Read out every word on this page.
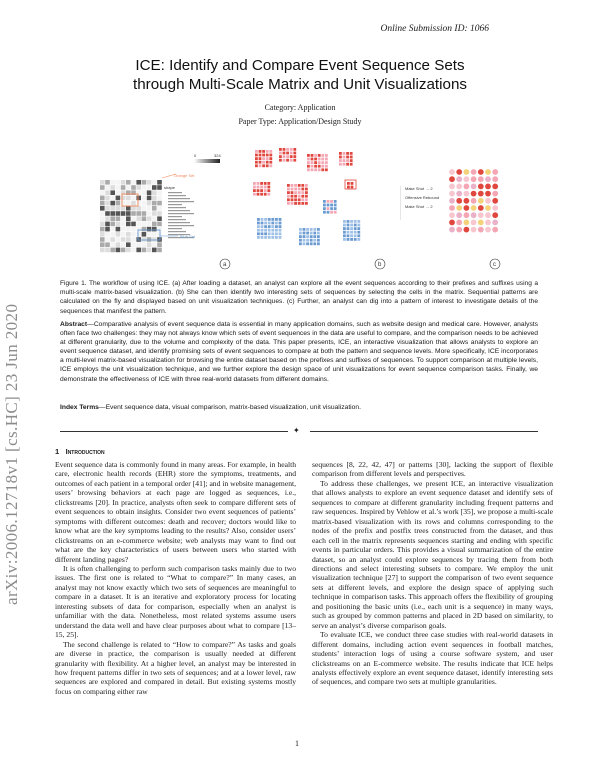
Online Submission ID: 1066
arXiv:2006.12718v1 [cs.HC] 23 Jun 2020
ICE: Identify and Compare Event Sequence Sets
through Multi-Scale Matrix and Unit Visualizations
Category: Application
Paper Type: Application/Design Study
0	324
Orange Set
Blue Set
shape
a	b
Make Shot → 2
Offensive Rebound
Make Shot → 2
c
Figure 1. The workflow of using ICE. (a) After loading a dataset, an analyst can explore all the event sequences according to their prefixes and suffixes using a multi-scale matrix-based visualization. (b) She can then identify two interesting sets of sequences by selecting the cells in the matrix. Sequential patterns are calculated on the fly and displayed based on unit visualization techniques. (c) Further, an analyst can dig into a pattern of interest to investigate details of the sequences that manifest the pattern.
Abstract—Comparative analysis of event sequence data is essential in many application domains, such as website design and medical care. However, analysts often face two challenges: they may not always know which sets of event sequences in the data are useful to compare, and the comparison needs to be achieved at different granularity, due to the volume and complexity of the data. This paper presents, ICE, an interactive visualization that allows analysts to explore an event sequence dataset, and identify promising sets of event sequences to compare at both the pattern and sequence levels. More specifically, ICE incorporates a multi-level matrix-based visualization for browsing the entire dataset based on the prefixes and suffixes of sequences. To support comparison at multiple levels, ICE employs the unit visualization technique, and we further explore the design space of unit visualizations for event sequence comparison tasks. Finally, we demonstrate the effectiveness of ICE with three real-world datasets from different domains.
Index Terms—Event sequence data, visual comparison, matrix-based visualization, unit visualization.
✦
1 Introduction

Event sequence data is commonly found in many areas. For example, in health care, electronic health records (EHR) store the symptoms, treatments, and outcomes of each patient in a temporal order [41]; and in website management, users’ browsing behaviors at each page are logged as sequences, i.e., clickstreams [20]. In practice, analysts often seek to compare different sets of event sequences to obtain insights. Consider two event sequences of patients’ symptoms with different outcomes: death and recover; doctors would like to know what are the key symptoms leading to the results? Also, consider users’ clickstreams on an e-commerce website; web analysts may want to find out what are the key characteristics of users between users who started with different landing pages?

It is often challenging to perform such comparison tasks mainly due to two issues. The first one is related to “What to compare?” In many cases, an analyst may not know exactly which two sets of sequences are meaningful to compare in a dataset. It is an iterative and exploratory process for locating interesting subsets of data for comparison, especially when an analyst is unfamiliar with the data. Nonetheless, most related systems assume users understand the data well and have clear purposes about what to compare [13–15, 25].

The second challenge is related to “How to compare?” As tasks and goals are diverse in practice, the comparison is usually needed at different granularity with flexibility. At a higher level, an analyst may be interested in how frequent patterns differ in two sets of sequences; and at a lower level, raw sequences are explored and compared in detail. But existing systems mostly focus on comparing either raw

sequences [8, 22, 42, 47] or patterns [30], lacking the support of flexible comparison from different levels and perspectives.

To address these challenges, we present ICE, an interactive visualization that allows analysts to explore an event sequence dataset and identify sets of sequences to compare at different granularity including frequent patterns and raw sequences. Inspired by Vehlow et al.’s work [35], we propose a multi-scale matrix-based visualization with its rows and columns corresponding to the nodes of the prefix and postfix trees constructed from the dataset, and thus each cell in the matrix represents sequences starting and ending with specific events in particular orders. This provides a visual summarization of the entire dataset, so an analyst could explore sequences by tracing them from both directions and select interesting subsets to compare. We employ the unit visualization technique [27] to support the comparison of two event sequence sets at different levels, and explore the design space of applying such technique in comparison tasks. This approach offers the flexibility of grouping and positioning the basic units (i.e., each unit is a sequence) in many ways, such as grouped by common patterns and placed in 2D based on similarity, to serve an analyst’s diverse comparison goals.

To evaluate ICE, we conduct three case studies with real-world datasets in different domains, including action event sequences in football matches, students’ interaction logs of using a course software system, and user clickstreams on an E-commerce website. The results indicate that ICE helps analysts effectively explore an event sequence dataset, identify interesting sets of sequences, and compare two sets at multiple granularities.

1
